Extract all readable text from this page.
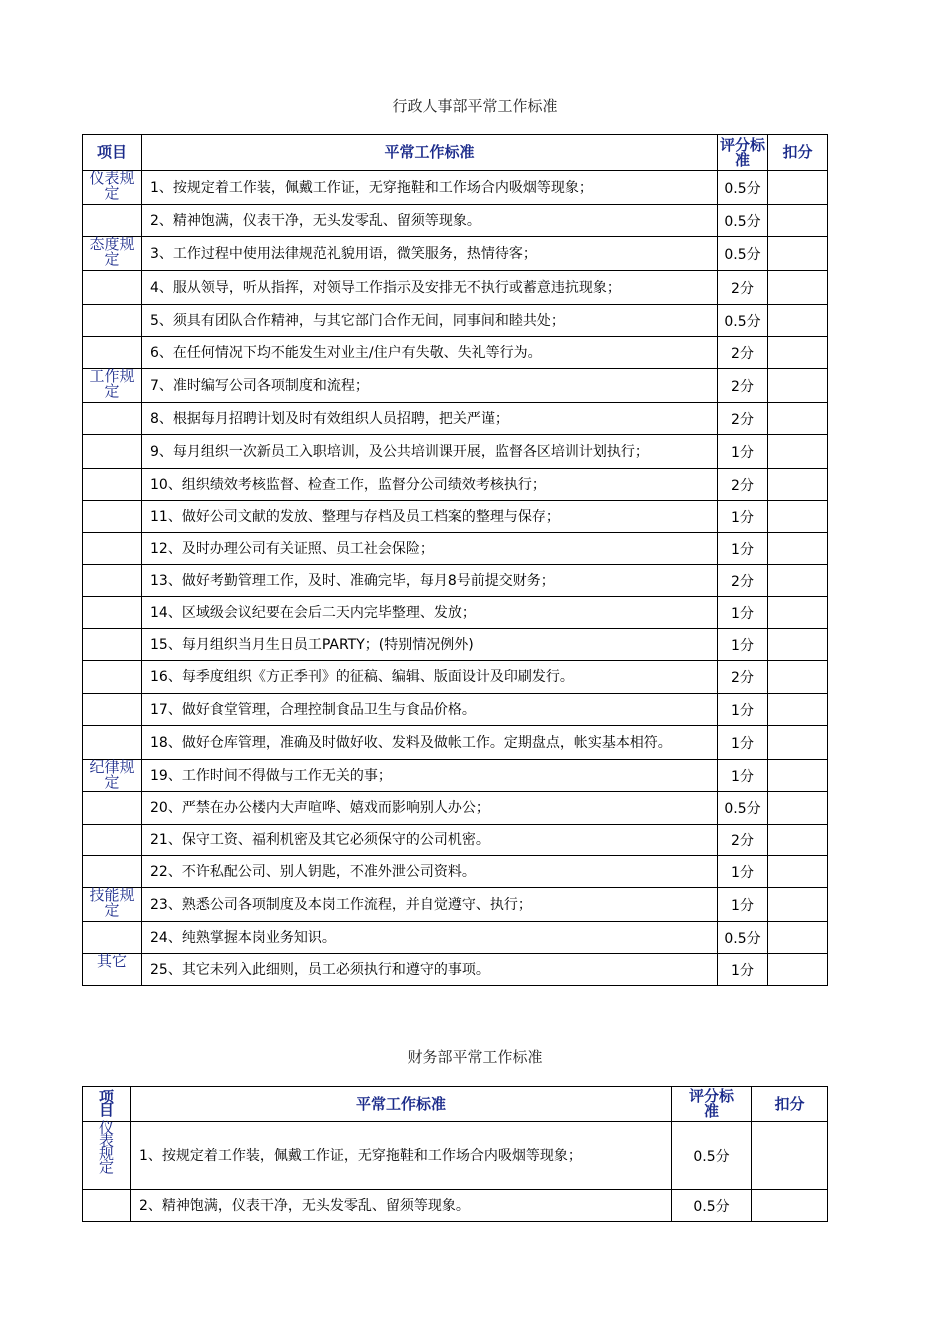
行政人事部平常工作标准
项目	平常工作标准	评分标准	扣分
仪表规定	1、按规定着工作装，佩戴工作证，无穿拖鞋和工作场合内吸烟等现象；	0.5分	
	2、精神饱满，仪表干净，无头发零乱、留须等现象。	0.5分	
态度规定	3、工作过程中使用法律规范礼貌用语，微笑服务，热情待客；	0.5分	
	4、服从领导，听从指挥，对领导工作指示及安排无不执行或蓄意违抗现象；	2分	
	5、须具有团队合作精神，与其它部门合作无间，同事间和睦共处；	0.5分	
	6、在任何情况下均不能发生对业主/住户有失敬、失礼等行为。	2分	
工作规定	7、准时编写公司各项制度和流程；	2分	
	8、根据每月招聘计划及时有效组织人员招聘，把关严谨；	2分	
	9、每月组织一次新员工入职培训，及公共培训课开展，监督各区培训计划执行；	1分	
	10、组织绩效考核监督、检查工作，监督分公司绩效考核执行；	2分	
	11、做好公司文献的发放、整理与存档及员工档案的整理与保存；	1分	
	12、及时办理公司有关证照、员工社会保险；	1分	
	13、做好考勤管理工作，及时、准确完毕，每月8号前提交财务；	2分	
	14、区域级会议纪要在会后二天内完毕整理、发放；	1分	
	15、每月组织当月生日员工PARTY；(特别情况例外)	1分	
	16、每季度组织《方正季刊》的征稿、编辑、版面设计及印刷发行。	2分	
	17、做好食堂管理，合理控制食品卫生与食品价格。	1分	
	18、做好仓库管理，准确及时做好收、发料及做帐工作。定期盘点，帐实基本相符。	1分	
纪律规定	19、工作时间不得做与工作无关的事；	1分	
	20、严禁在办公楼内大声喧哗、嬉戏而影响别人办公；	0.5分	
	21、保守工资、福利机密及其它必须保守的公司机密。	2分	
	22、不许私配公司、别人钥匙，不准外泄公司资料。	1分	
技能规定	23、熟悉公司各项制度及本岗工作流程，并自觉遵守、执行；	1分	
	24、纯熟掌握本岗业务知识。	0.5分	
其它	25、其它未列入此细则，员工必须执行和遵守的事项。	1分	
财务部平常工作标准
项目	平常工作标准	评分标准	扣分
仪表规定	1、按规定着工作装，佩戴工作证，无穿拖鞋和工作场合内吸烟等现象；	0.5分	
	2、精神饱满，仪表干净，无头发零乱、留须等现象。	0.5分	
